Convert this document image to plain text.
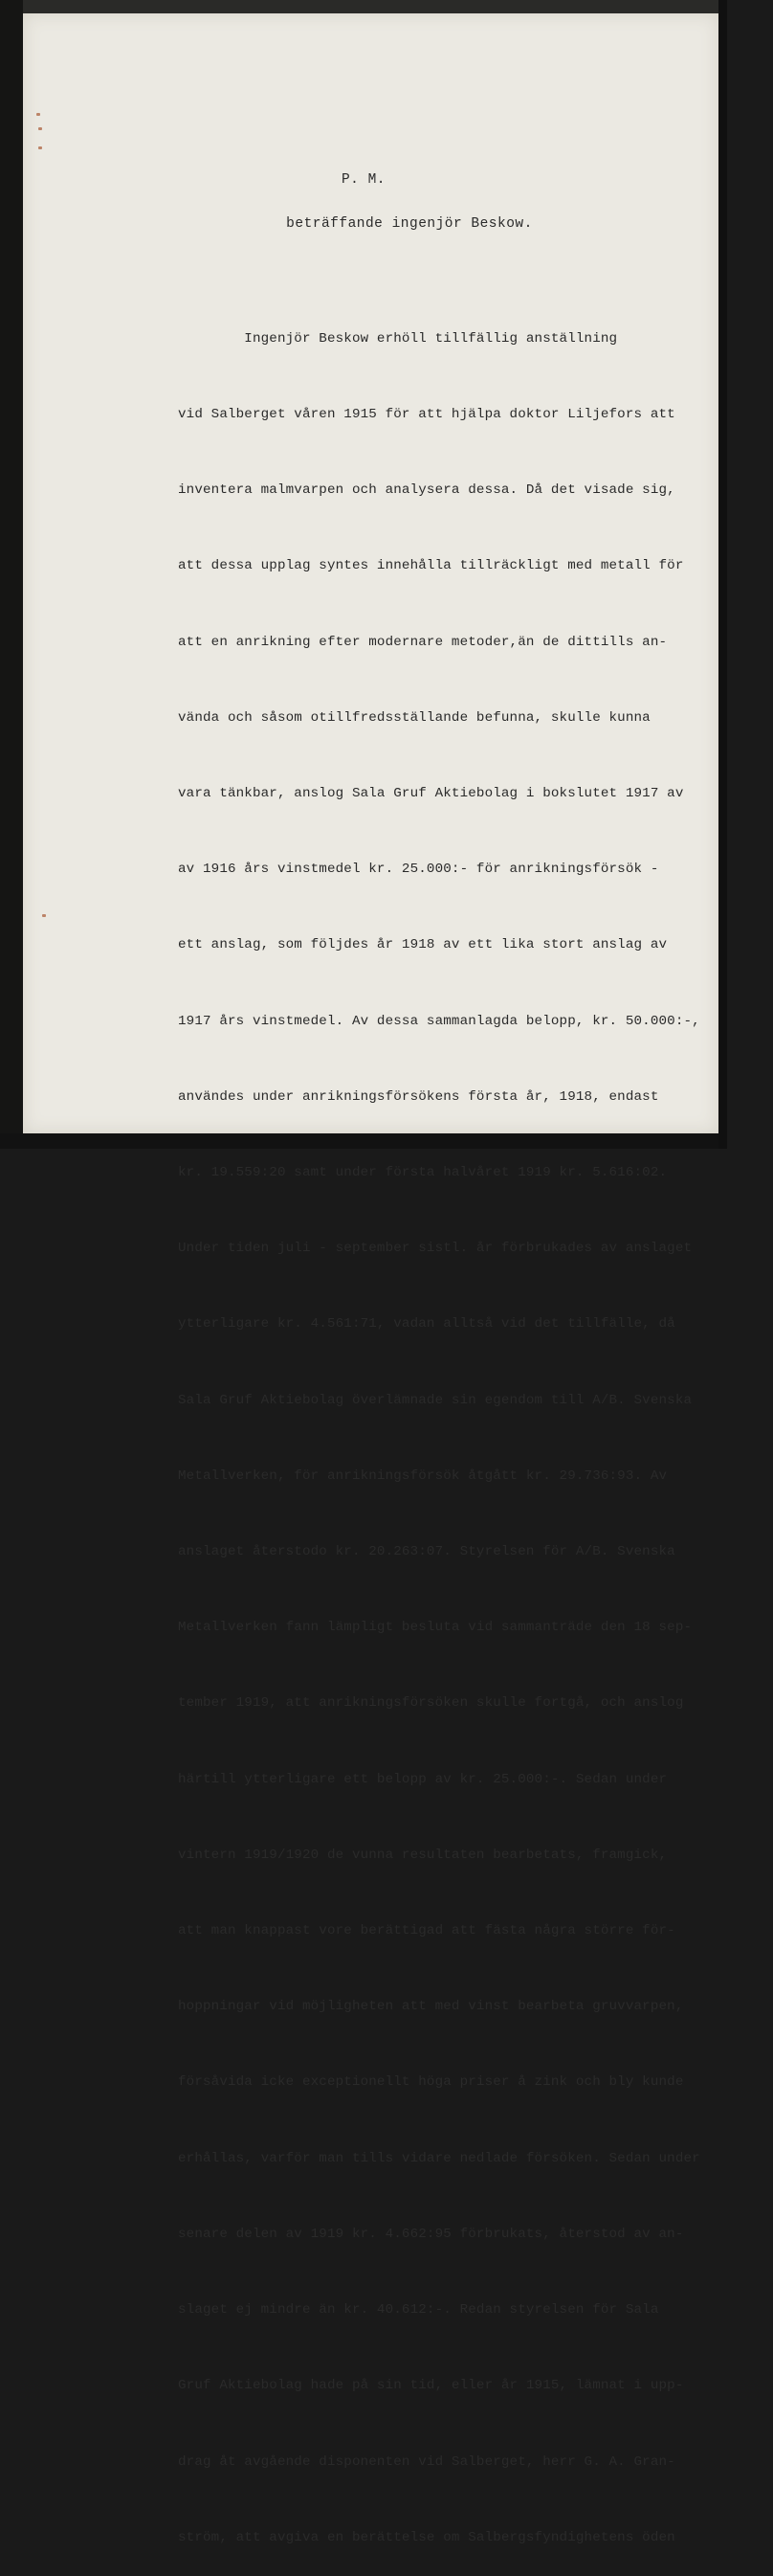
P. M.
beträffande ingenjör Beskow.

Ingenjör Beskow erhöll tillfällig anställning

vid Salberget våren 1915 för att hjälpa doktor Liljefors att

inventera malmvarpen och analysera dessa. Då det visade sig,

att dessa upplag syntes innehålla tillräckligt med metall för

att en anrikning efter modernare metoder,än de dittills an-

vända och såsom otillfredsställande befunna, skulle kunna

vara tänkbar, anslog Sala Gruf Aktiebolag i bokslutet 1917 av

av 1916 års vinstmedel kr. 25.000:- för anrikningsförsök -

ett anslag, som följdes år 1918 av ett lika stort anslag av

1917 års vinstmedel. Av dessa sammanlagda belopp, kr. 50.000:-,

användes under anrikningsförsökens första år, 1918, endast

kr. 19.559:20 samt under första halvåret 1919 kr. 5.616:02.

Under tiden juli - september sistl. år förbrukades av anslaget

ytterligare kr. 4.561:71, vadan alltså vid det tillfälle, då

Sala Gruf Aktiebolag överlämnade sin egendom till A/B. Svenska

Metallverken, för anrikningsförsök åtgått kr. 29.736:93. Av

anslaget återstodo kr. 20.263:07. Styrelsen för A/B. Svenska

Metallverken fann lämpligt besluta vid sammanträde den 18 sep-

tember 1919, att anrikningsförsöken skulle fortgå, och anslog

härtill ytterligare ett belopp av kr. 25.000:-. Sedan under

vintern 1919/1920 de vunna resultaten bearbetats, framgick,

att man knappast vore berättigad att fästa några större för-

hoppningar vid möjligheten att med vinst bearbeta gruvvarpen,

försåvida icke exceptionellt höga priser å zink och bly kunde

erhållas, varför man tills vidare nedlade försöken. Sedan under

senare delen av 1919 kr. 4.662:95 förbrukats, återstod av an-

slaget ej mindre än kr. 40.612:-. Redan styrelsen för Sala

Gruf Aktiebolag hade på sin tid, eller år 1915, lämnat i upp-

drag åt avgående disponenten vid Salberget, herr G. A. Gran-

ström, att avgiva en berättelse om Salbergsfyndighetens öden
